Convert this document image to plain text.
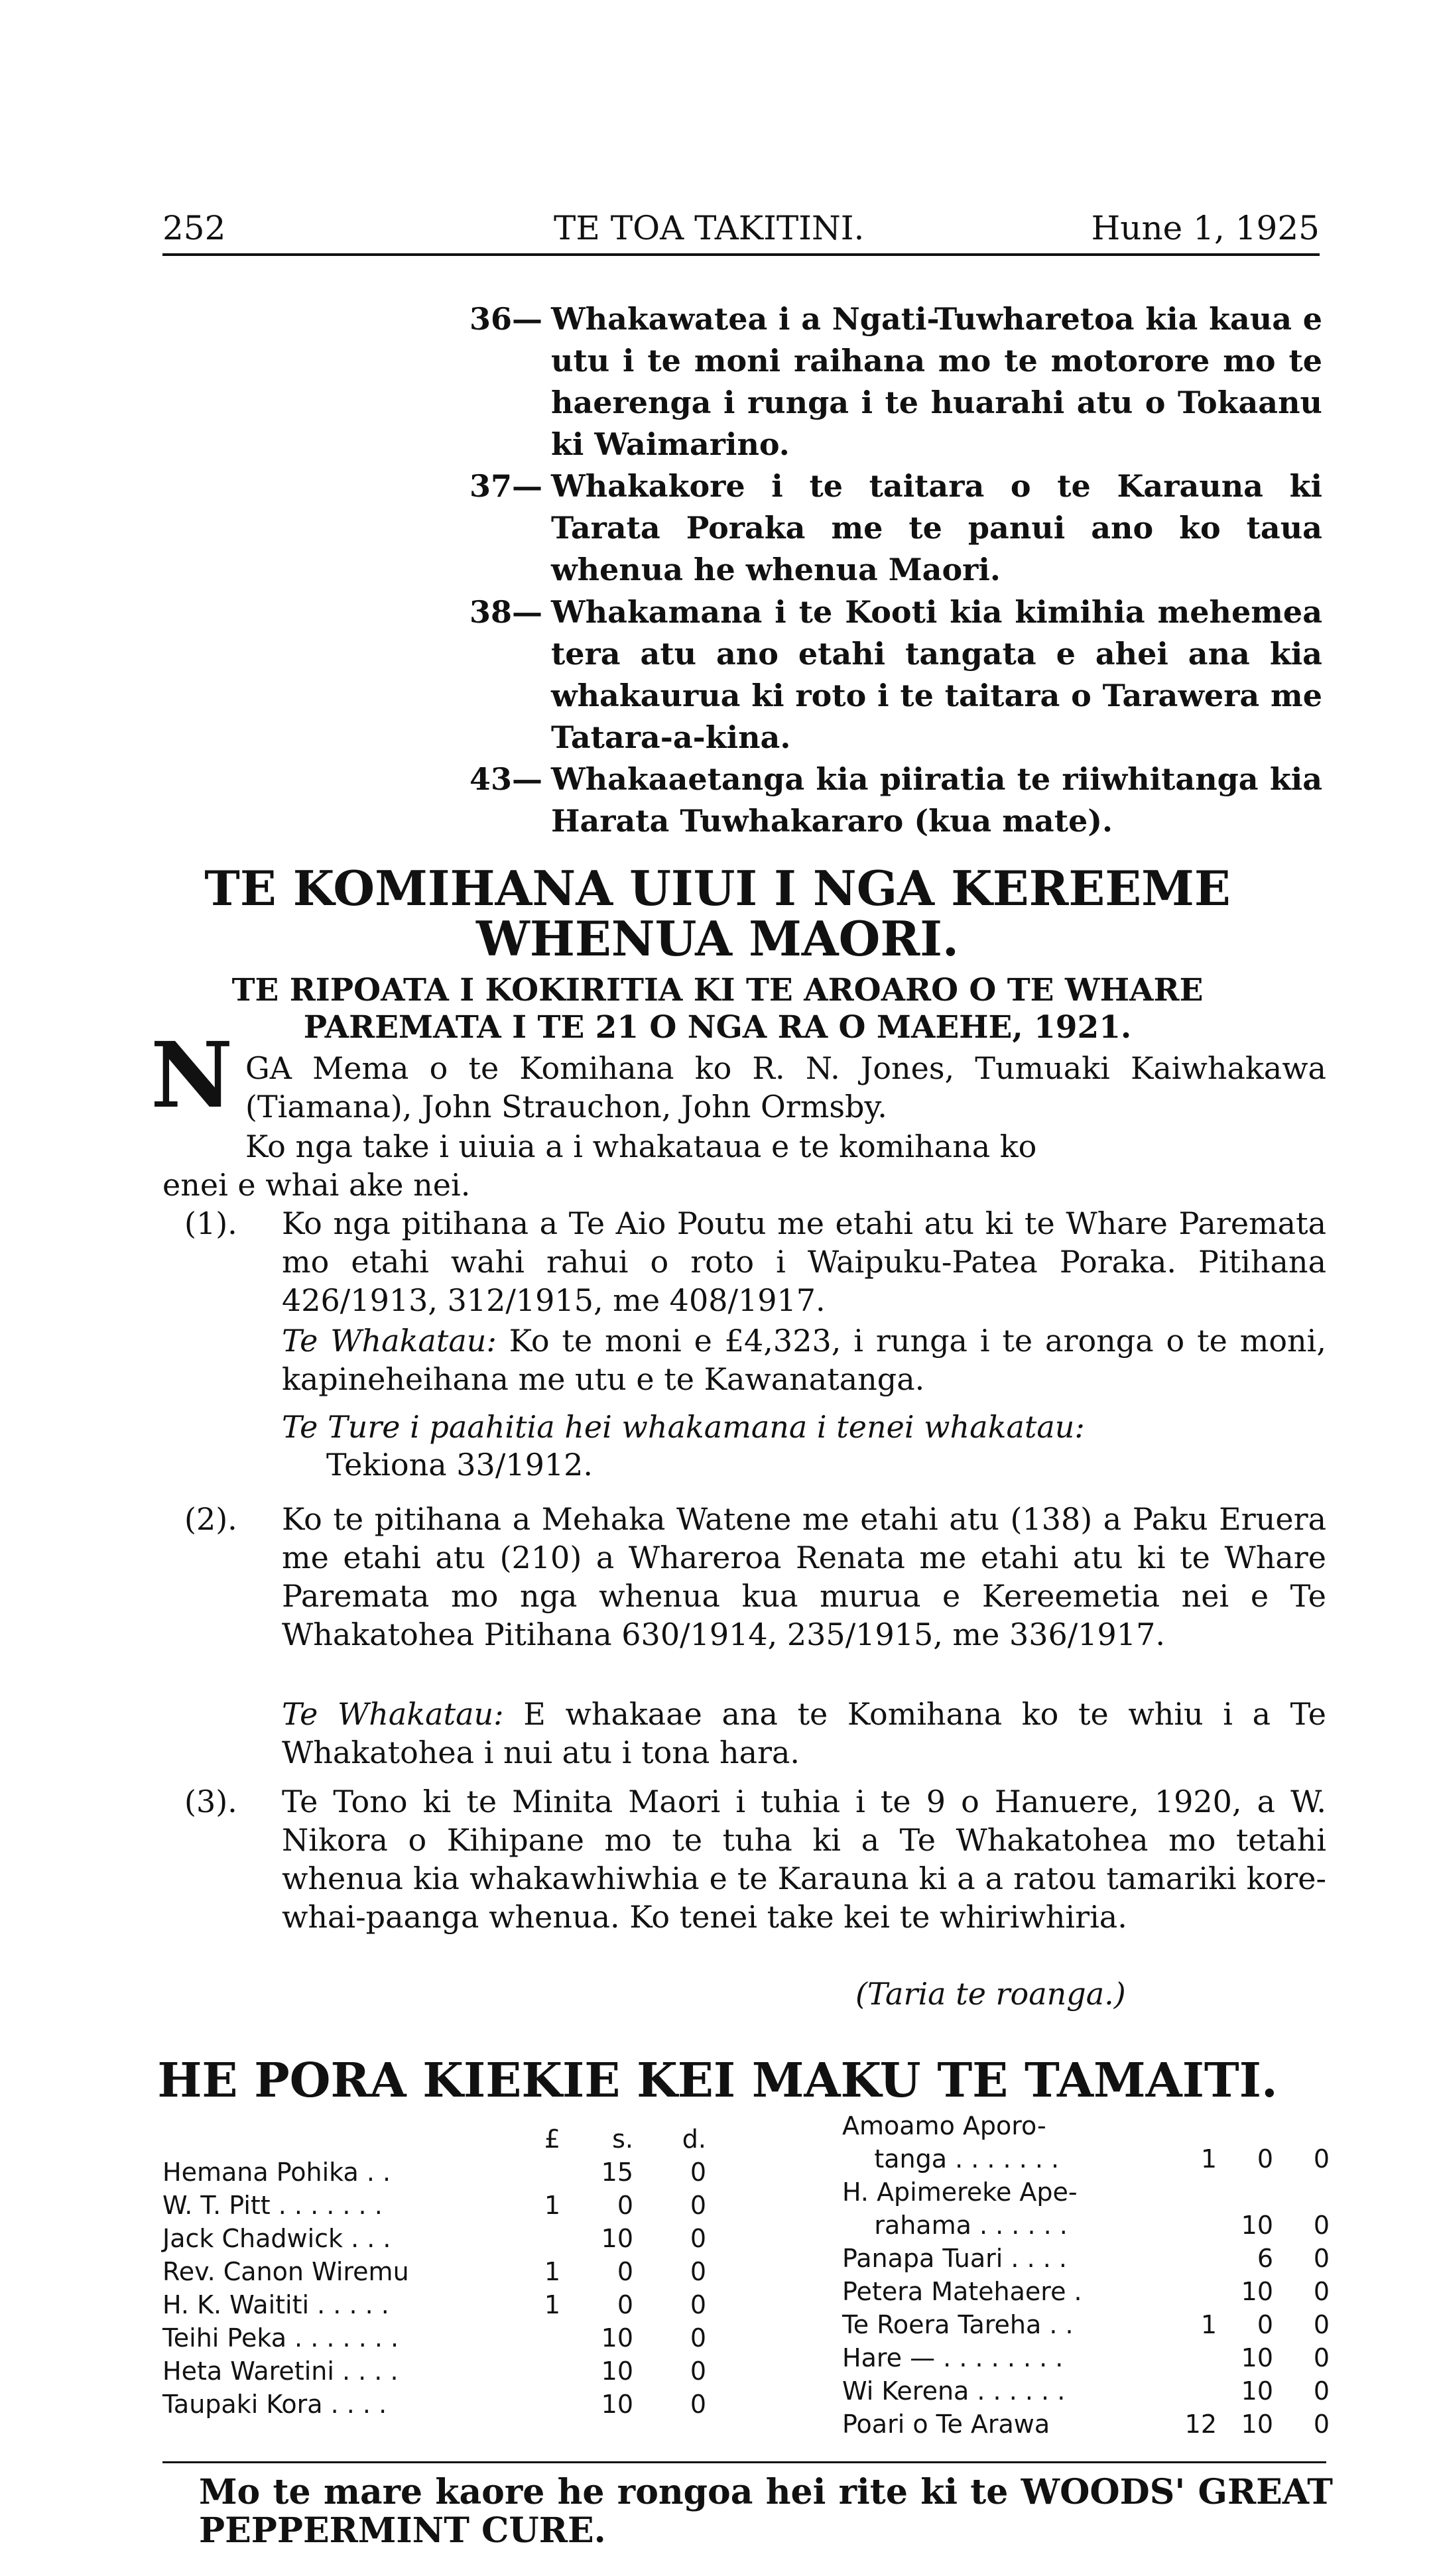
252	TE TOA TAKITINI.	Hune 1, 1925
36— Whakawatea i a Ngati-Tuwharetoa kia kaua e utu i te moni raihana mo te motorore mo te haerenga i runga i te huarahi atu o Tokaanu ki Waimarino.
37— Whakakore i te taitara o te Karauna ki Tarata Poraka me te panui ano ko taua whenua he whenua Maori.
38— Whakamana i te Kooti kia kimihia mehemea tera atu ano etahi tangata e ahei ana kia whakaurua ki roto i te taitara o Tarawera me Tatara-a-kina.
43— Whakaaetanga kia piiratia te riiwhitanga kia Harata Tuwhakararo (kua mate).
TE KOMIHANA UIUI I NGA KEREEME
WHENUA MAORI.
TE RIPOATA I KOKIRITIA KI TE AROARO O TE WHARE
PAREMATA I TE 21 O NGA RA O MAEHE, 1921.
N GA Mema o te Komihana ko R. N. Jones, Tumuaki Kaiwhakawa (Tiamana), John Strauchon, John Ormsby.
Ko nga take i uiuia a i whakataua e te komihana ko
enei e whai ake nei.
(1). Ko nga pitihana a Te Aio Poutu me etahi atu ki te Whare Paremata mo etahi wahi rahui o roto i Waipuku-Patea Poraka. Pitihana 426/1913, 312/1915, me 408/1917.
Te Whakatau: Ko te moni e £4,323, i runga i te aronga o te moni, kapineheihana me utu e te Kawanatanga.
Te Ture i paahitia hei whakamana i tenei whakatau:
Tekiona 33/1912.
(2). Ko te pitihana a Mehaka Watene me etahi atu (138) a Paku Eruera me etahi atu (210) a Whareroa Renata me etahi atu ki te Whare Paremata mo nga whenua kua murua e Kereemetia nei e Te Whakatohea Pitihana 630/1914, 235/1915, me 336/1917.
Te Whakatau: E whakaae ana te Komihana ko te whiu i a Te Whakatohea i nui atu i tona hara.
(3). Te Tono ki te Minita Maori i tuhia i te 9 o Hanuere, 1920, a W. Nikora o Kihipane mo te tuha ki a Te Whakatohea mo tetahi whenua kia whakawhiwhia e te Karauna ki a a ratou tamariki kore-whai-paanga whenua. Ko tenei take kei te whiriwhiria.
(Taria te roanga.)
HE PORA KIEKIE KEI MAKU TE TAMAITI.
	£	s.	d.
Hemana Pohika . .		15	0
W. T. Pitt . . . . . . .	1	0	0
Jack Chadwick . . .		10	0
Rev. Canon Wiremu	1	0	0
H. K. Waititi . . . . .	1	0	0
Teihi Peka . . . . . . .		10	0
Heta Waretini . . . .		10	0
Taupaki Kora . . . .		10	0
Amoamo Aporo-			
tanga . . . . . . .	1	0	0
H. Apimereke Ape-			
rahama . . . . . .		10	0
Panapa Tuari . . . .		6	0
Petera Matehaere .		10	0
Te Roera Tareha . .	1	0	0
Hare — . . . . . . . .		10	0
Wi Kerena . . . . . .		10	0
Poari o Te Arawa	12	10	0
Mo te mare kaore he rongoa hei rite ki te WOODS' GREAT PEPPERMINT CURE.
